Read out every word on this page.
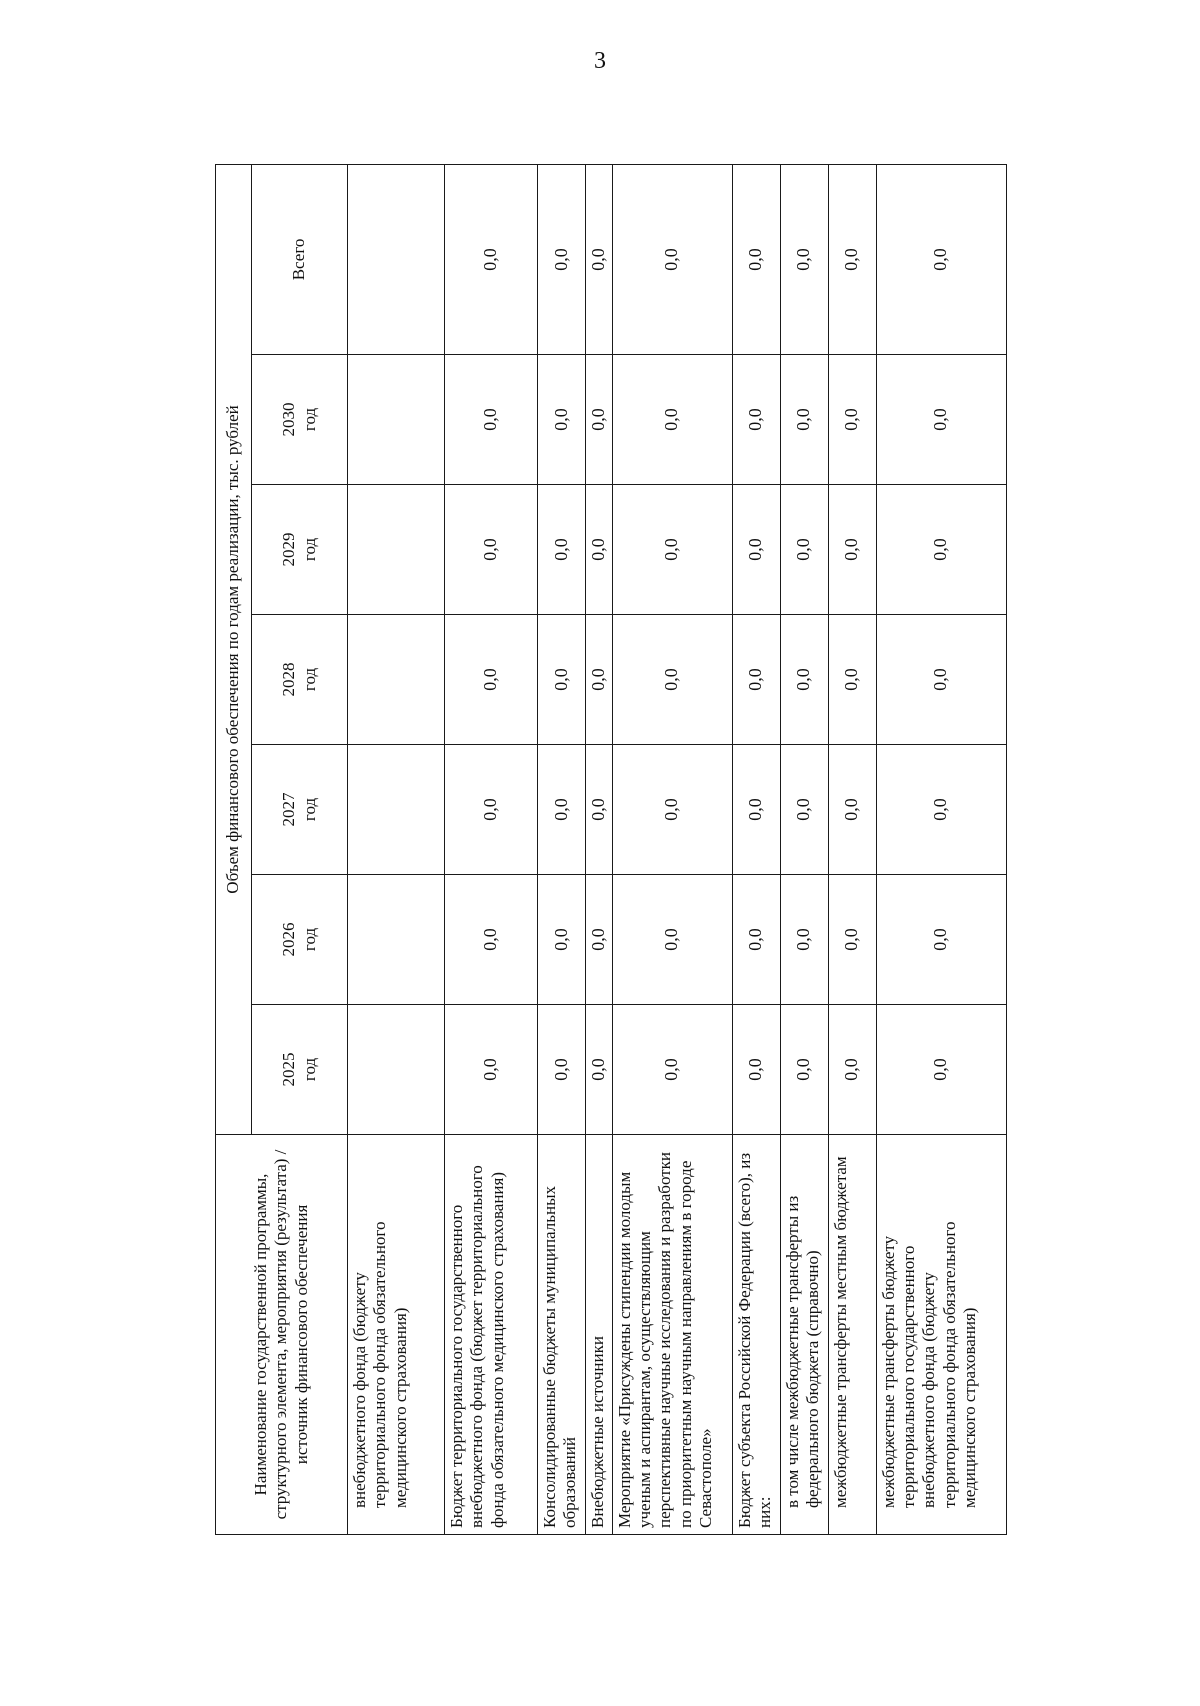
3
Наименование государственной программы, структурного элемента, мероприятия (результата) / источник финансового обеспечения	Объем финансового обеспечения по годам реализации, тыс. рублей						

	2025 год	2026 год	2027 год	2028 год	2029 год	2030 год	Всего
внебюджетного фонда (бюджету территориального фонда обязательного медицинского страхования)							
Бюджет территориального государственного внебюджетного фонда (бюджет территориального фонда обязательного медицинского страхования)	0,0	0,0	0,0	0,0	0,0	0,0	0,0
Консолидированные бюджеты муниципальных образований	0,0	0,0	0,0	0,0	0,0	0,0	0,0
Внебюджетные источники	0,0	0,0	0,0	0,0	0,0	0,0	0,0
Мероприятие «Присуждены стипендии молодым ученым и аспирантам, осуществляющим перспективные научные исследования и разработки по приоритетным научным направлениям в городе Севастополе»	0,0	0,0	0,0	0,0	0,0	0,0	0,0
Бюджет субъекта Российской Федерации (всего), из них:	0,0	0,0	0,0	0,0	0,0	0,0	0,0
в том числе межбюджетные трансферты из федерального бюджета (справочно)	0,0	0,0	0,0	0,0	0,0	0,0	0,0
межбюджетные трансферты местным бюджетам	0,0	0,0	0,0	0,0	0,0	0,0	0,0
межбюджетные трансферты бюджету территориального государственного внебюджетного фонда (бюджету территориального фонда обязательного медицинского страхования)	0,0	0,0	0,0	0,0	0,0	0,0	0,0
